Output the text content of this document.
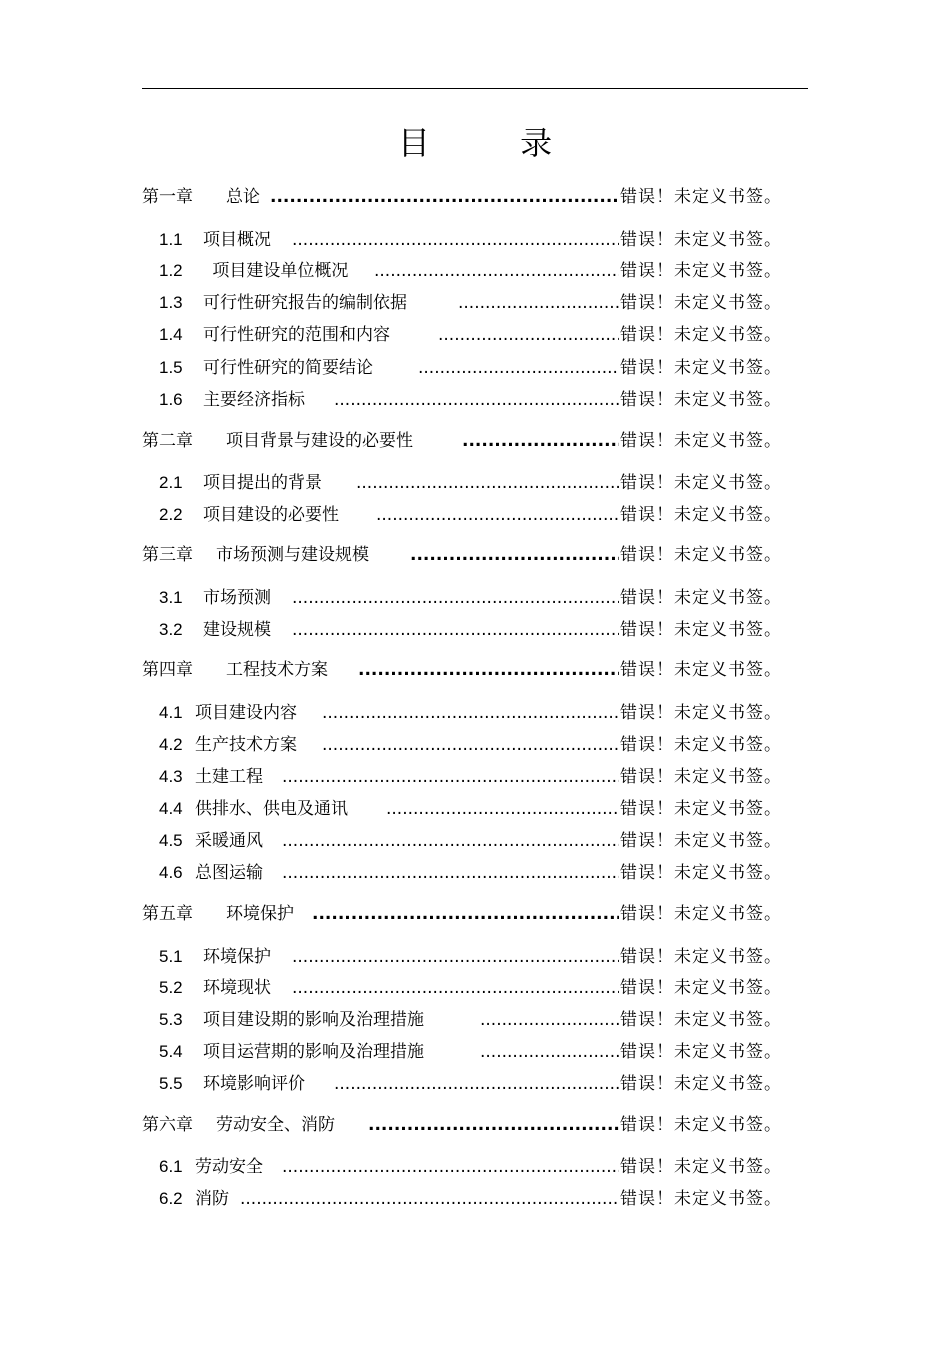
目 录
第一章	总论 .....	错误！未定义书签。
1.1	项目概况 .....	错误！未定义书签。
1.2	项目建设单位概况 .....	错误！未定义书签。
1.3	可行性研究报告的编制依据 .....	错误！未定义书签。
1.4	可行性研究的范围和内容 .....	错误！未定义书签。
1.5	可行性研究的简要结论 .....	错误！未定义书签。
1.6	主要经济指标 .....	错误！未定义书签。
第二章	项目背景与建设的必要性 .....	错误！未定义书签。
2.1	项目提出的背景 .....	错误！未定义书签。
2.2	项目建设的必要性 .....	错误！未定义书签。
第三章	市场预测与建设规模 .....	错误！未定义书签。
3.1	市场预测 .....	错误！未定义书签。
3.2	建设规模 .....	错误！未定义书签。
第四章	工程技术方案 .....	错误！未定义书签。
4.1 项目建设内容 .....	错误！未定义书签。
4.2 生产技术方案 .....	错误！未定义书签。
4.3 土建工程 .....	错误！未定义书签。
4.4 供排水、供电及通讯 .....	错误！未定义书签。
4.5 采暖通风 .....	错误！未定义书签。
4.6 总图运输 .....	错误！未定义书签。
第五章	环境保护 .....	错误！未定义书签。
5.1	环境保护 .....	错误！未定义书签。
5.2	环境现状 .....	错误！未定义书签。
5.3	项目建设期的影响及治理措施 .....	错误！未定义书签。
5.4	项目运营期的影响及治理措施 .....	错误！未定义书签。
5.5	环境影响评价 .....	错误！未定义书签。
第六章	劳动安全、消防 .....	错误！未定义书签。
6.1 劳动安全 .....	错误！未定义书签。
6.2 消防 .....	错误！未定义书签。
